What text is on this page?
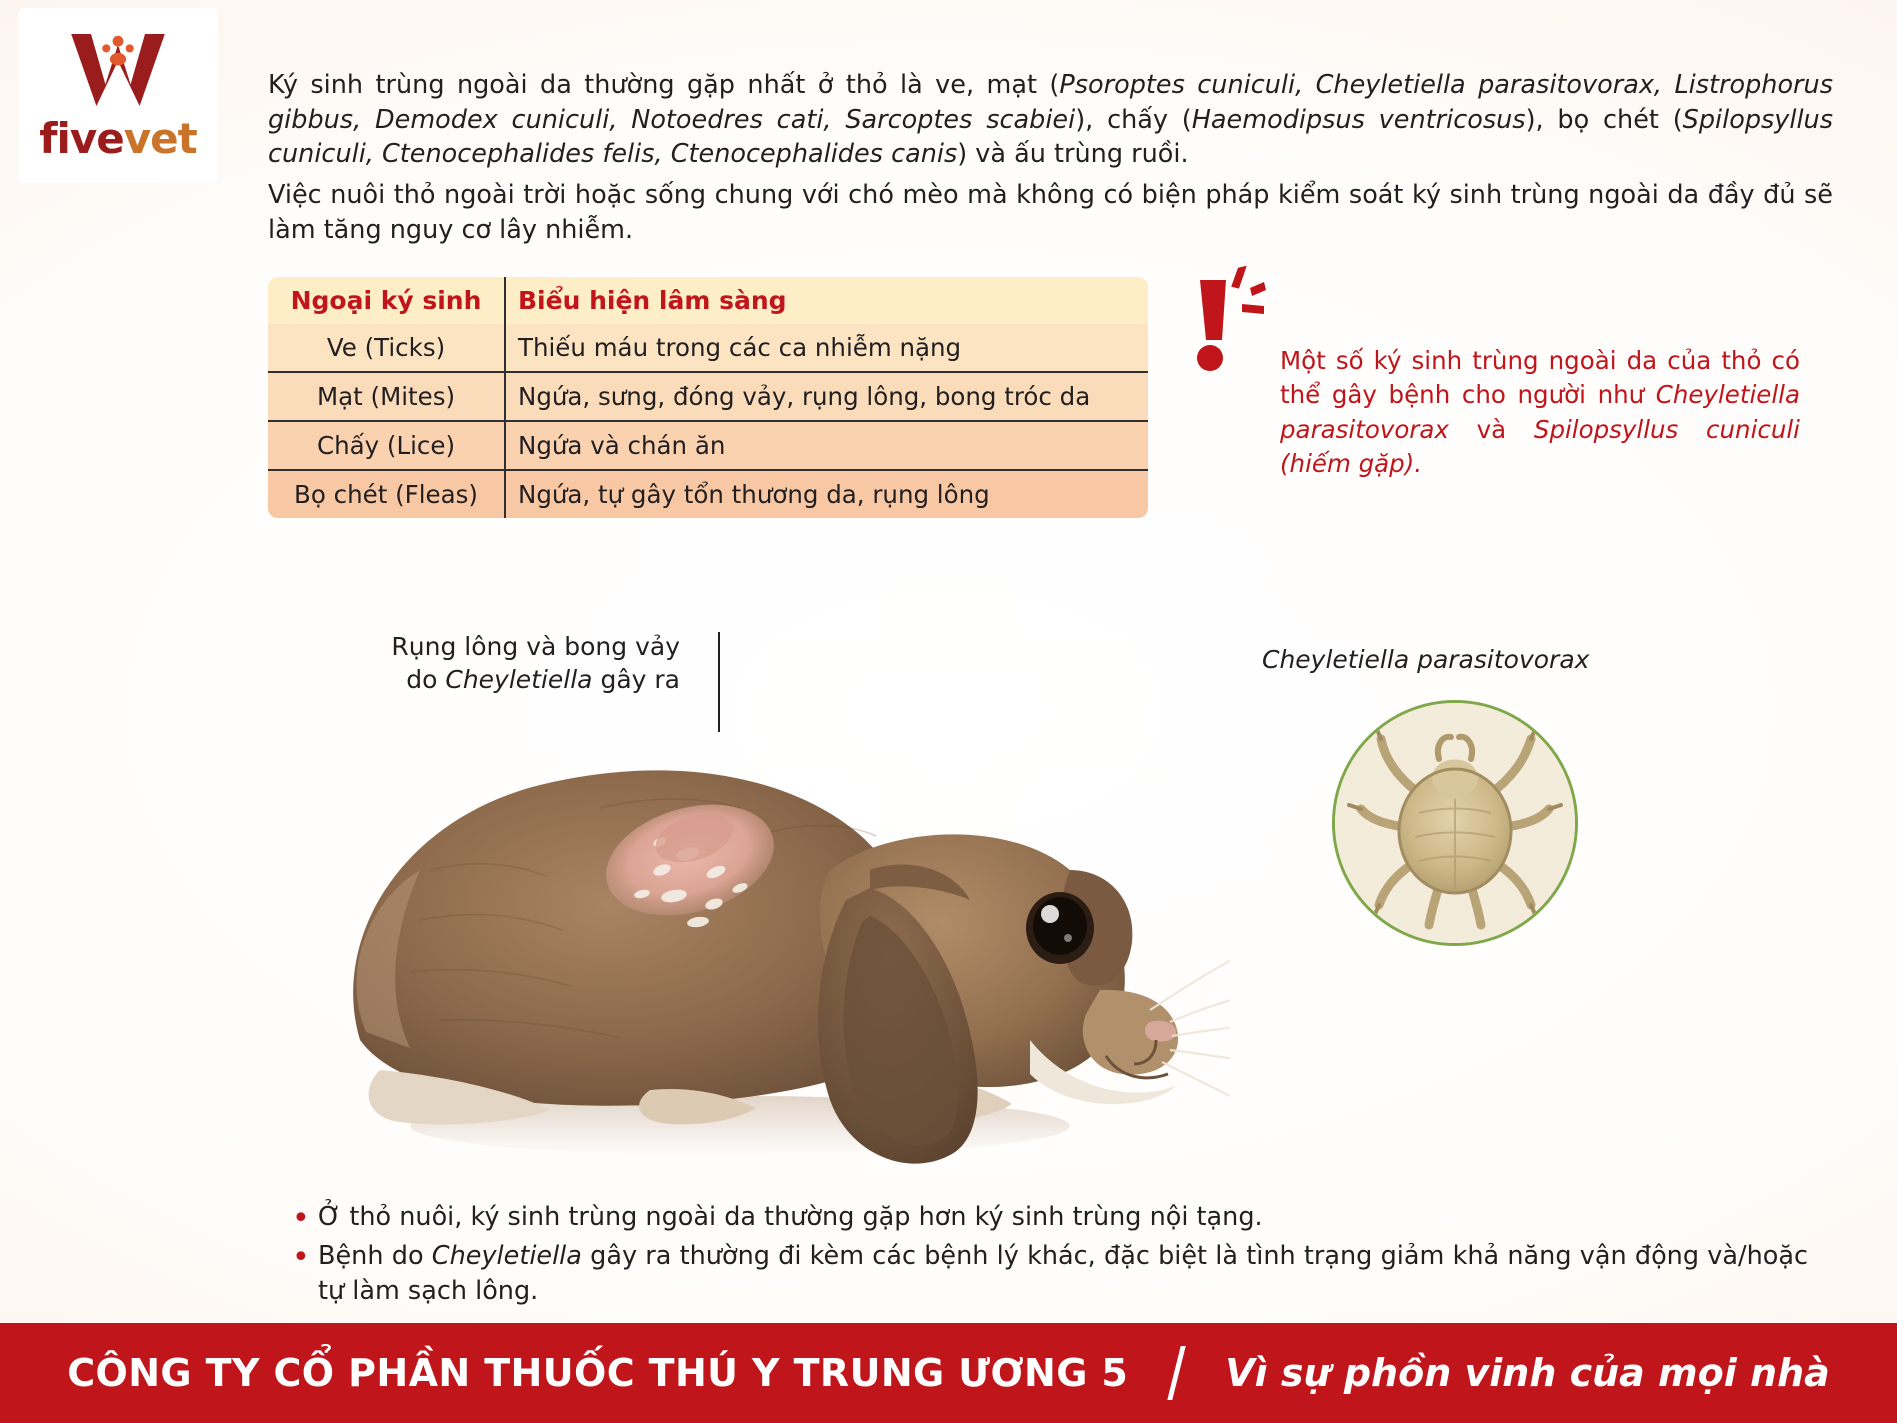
fivevet

Ký sinh trùng ngoài da thường gặp nhất ở thỏ là ve, mạt (Psoroptes cuniculi, Cheyletiella parasitovorax, Listrophorus gibbus, Demodex cuniculi, Notoedres cati, Sarcoptes scabiei), chấy (Haemodipsus ventricosus), bọ chét (Spilopsyllus cuniculi, Ctenocephalides felis, Ctenocephalides canis) và ấu trùng ruồi.

Việc nuôi thỏ ngoài trời hoặc sống chung với chó mèo mà không có biện pháp kiểm soát ký sinh trùng ngoài da đầy đủ sẽ làm tăng nguy cơ lây nhiễm.

Ngoại ký sinh	Biểu hiện lâm sàng
Ve (Ticks)	Thiếu máu trong các ca nhiễm nặng
Mạt (Mites)	Ngứa, sưng, đóng vảy, rụng lông, bong tróc da
Chấy (Lice)	Ngứa và chán ăn
Bọ chét (Fleas)	Ngứa, tự gây tổn thương da, rụng lông
Một số ký sinh trùng ngoài da của thỏ có thể gây bệnh cho người như Cheyletiella parasitovorax và Spilopsyllus cuniculi (hiếm gặp).
Rụng lông và bong vảy
do Cheyletiella gây ra
Cheyletiella parasitovorax
• Ở thỏ nuôi, ký sinh trùng ngoài da thường gặp hơn ký sinh trùng nội tạng.
• Bệnh do Cheyletiella gây ra thường đi kèm các bệnh lý khác, đặc biệt là tình trạng giảm khả năng vận động và/hoặc tự làm sạch lông.
CÔNG TY CỔ PHẦN THUỐC THÚ Y TRUNG ƯƠNG 5	Vì sự phồn vinh của mọi nhà
